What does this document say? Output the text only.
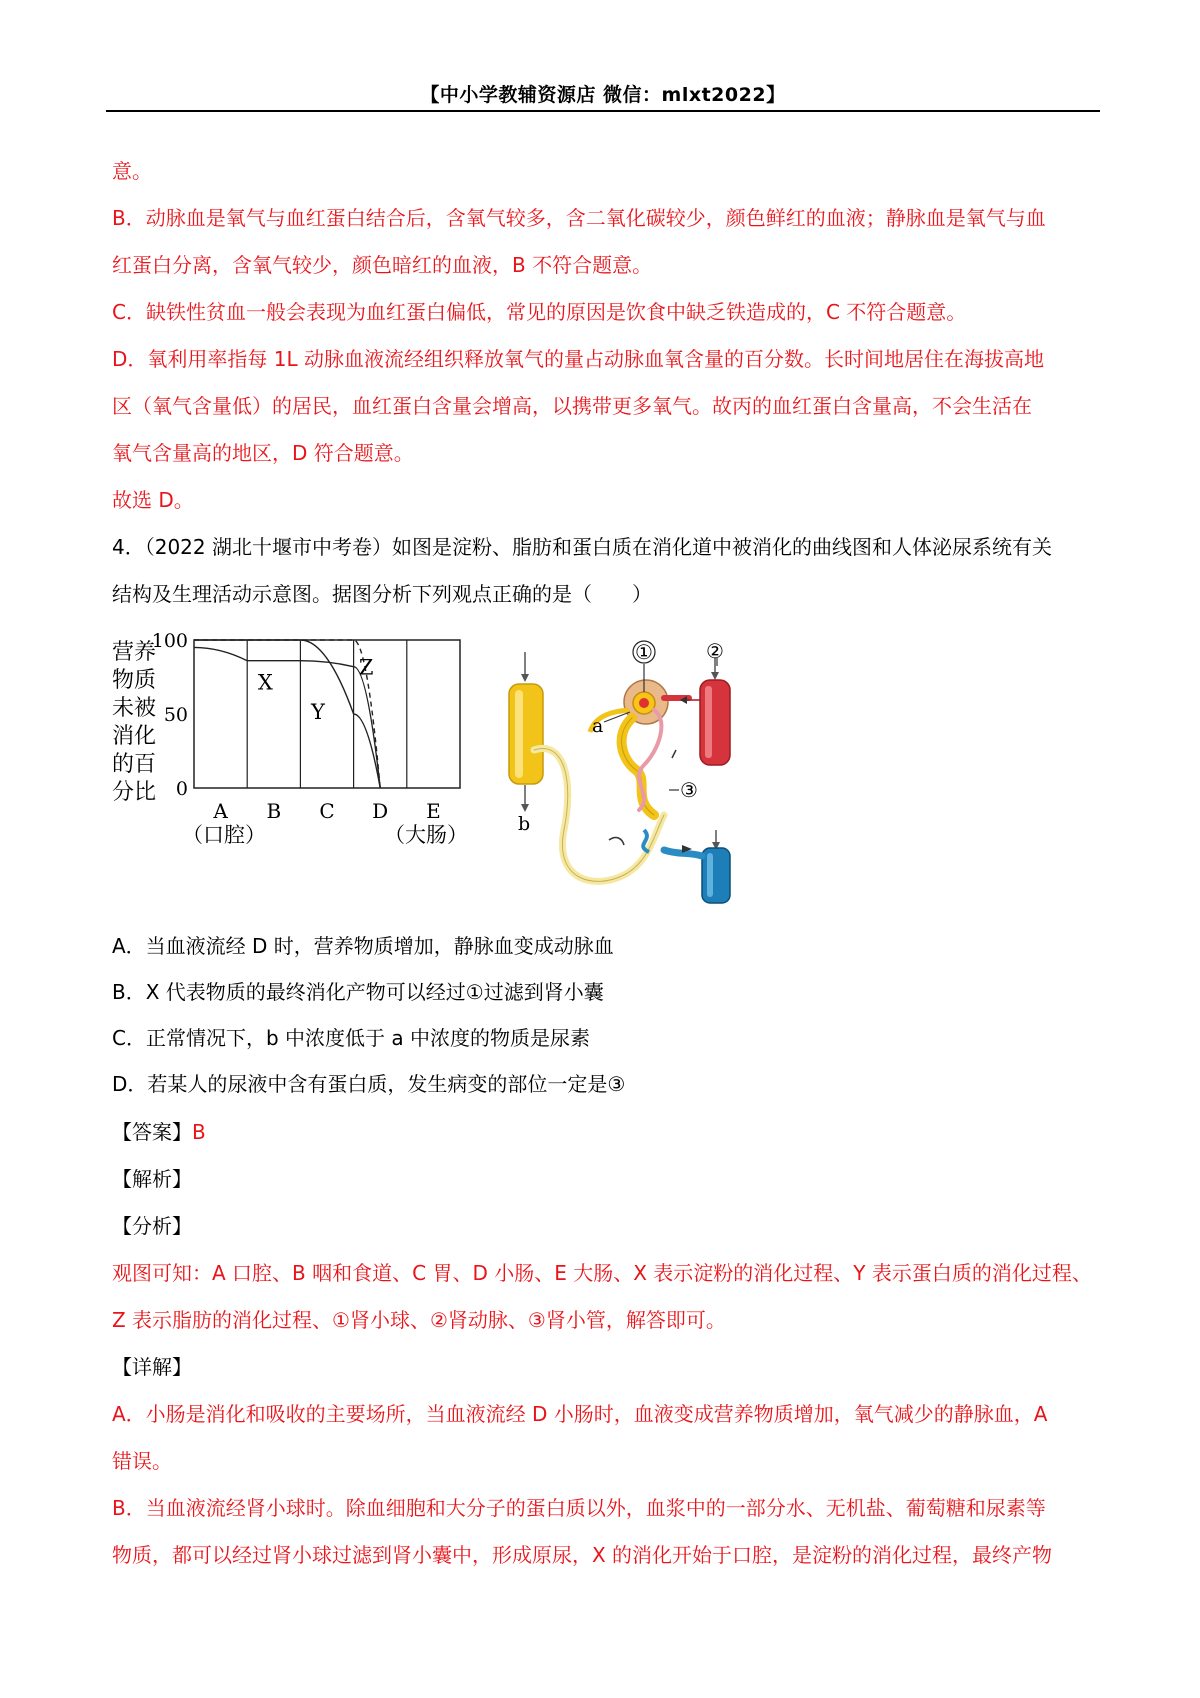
【中小学教辅资源店 微信：mlxt2022】

意。

B．动脉血是氧气与血红蛋白结合后，含氧气较多，含二氧化碳较少，颜色鲜红的血液；静脉血是氧气与血

红蛋白分离，含氧气较少，颜色暗红的血液，B 不符合题意。

C．缺铁性贫血一般会表现为血红蛋白偏低，常见的原因是饮食中缺乏铁造成的，C 不符合题意。

D．氧利用率指每 1L 动脉血液流经组织释放氧气的量占动脉血氧含量的百分数。长时间地居住在海拔高地

区（氧气含量低）的居民，血红蛋白含量会增高，以携带更多氧气。故丙的血红蛋白含量高，不会生活在

氧气含量高的地区，D 符合题意。

故选 D。

4．（2022 湖北十堰市中考卷）如图是淀粉、脂肪和蛋白质在消化道中被消化的曲线图和人体泌尿系统有关

结构及生理活动示意图。据图分析下列观点正确的是（　　）

营养
物质
未被
消化
的百
分比
100
50
0
X
Y
Z
A B C D E
（口腔）	（大肠）
①	②
③
a
b

A．当血液流经 D 时，营养物质增加，静脉血变成动脉血

B．X 代表物质的最终消化产物可以经过①过滤到肾小囊

C．正常情况下，b 中浓度低于 a 中浓度的物质是尿素

D．若某人的尿液中含有蛋白质，发生病变的部位一定是③

【答案】B

【解析】

【分析】

观图可知：A 口腔、B 咽和食道、C 胃、D 小肠、E 大肠、X 表示淀粉的消化过程、Y 表示蛋白质的消化过程、

Z 表示脂肪的消化过程、①肾小球、②肾动脉、③肾小管，解答即可。

【详解】

A．小肠是消化和吸收的主要场所，当血液流经 D 小肠时，血液变成营养物质增加，氧气减少的静脉血，A

错误。

B．当血液流经肾小球时。除血细胞和大分子的蛋白质以外，血浆中的一部分水、无机盐、葡萄糖和尿素等

物质，都可以经过肾小球过滤到肾小囊中，形成原尿，X 的消化开始于口腔，是淀粉的消化过程，最终产物
